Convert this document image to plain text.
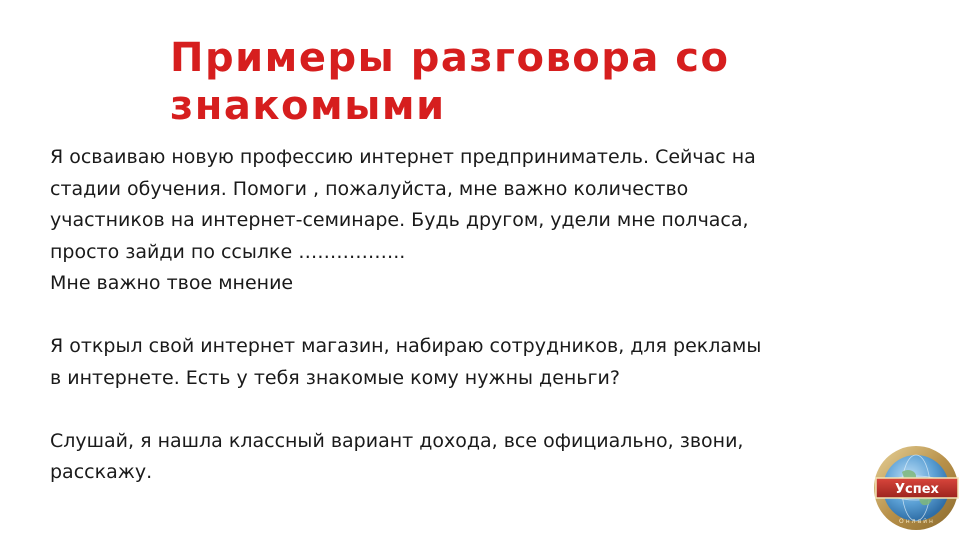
Примеры разговора со
знакомыми

Я осваиваю новую профессию интернет предприниматель. Сейчас на
стадии обучения. Помоги , пожалуйста, мне важно количество
участников на интернет-семинаре. Будь другом, удели мне полчаса,
просто зайди по ссылке ……………..
Мне важно твое мнение

Я открыл свой интернет магазин, набираю сотрудников, для рекламы
в интернете. Есть у тебя знакомые кому нужны деньги?

Слушай, я нашла классный вариант дохода, все официально, звони,
расскажу.

Успех
Онлайн
